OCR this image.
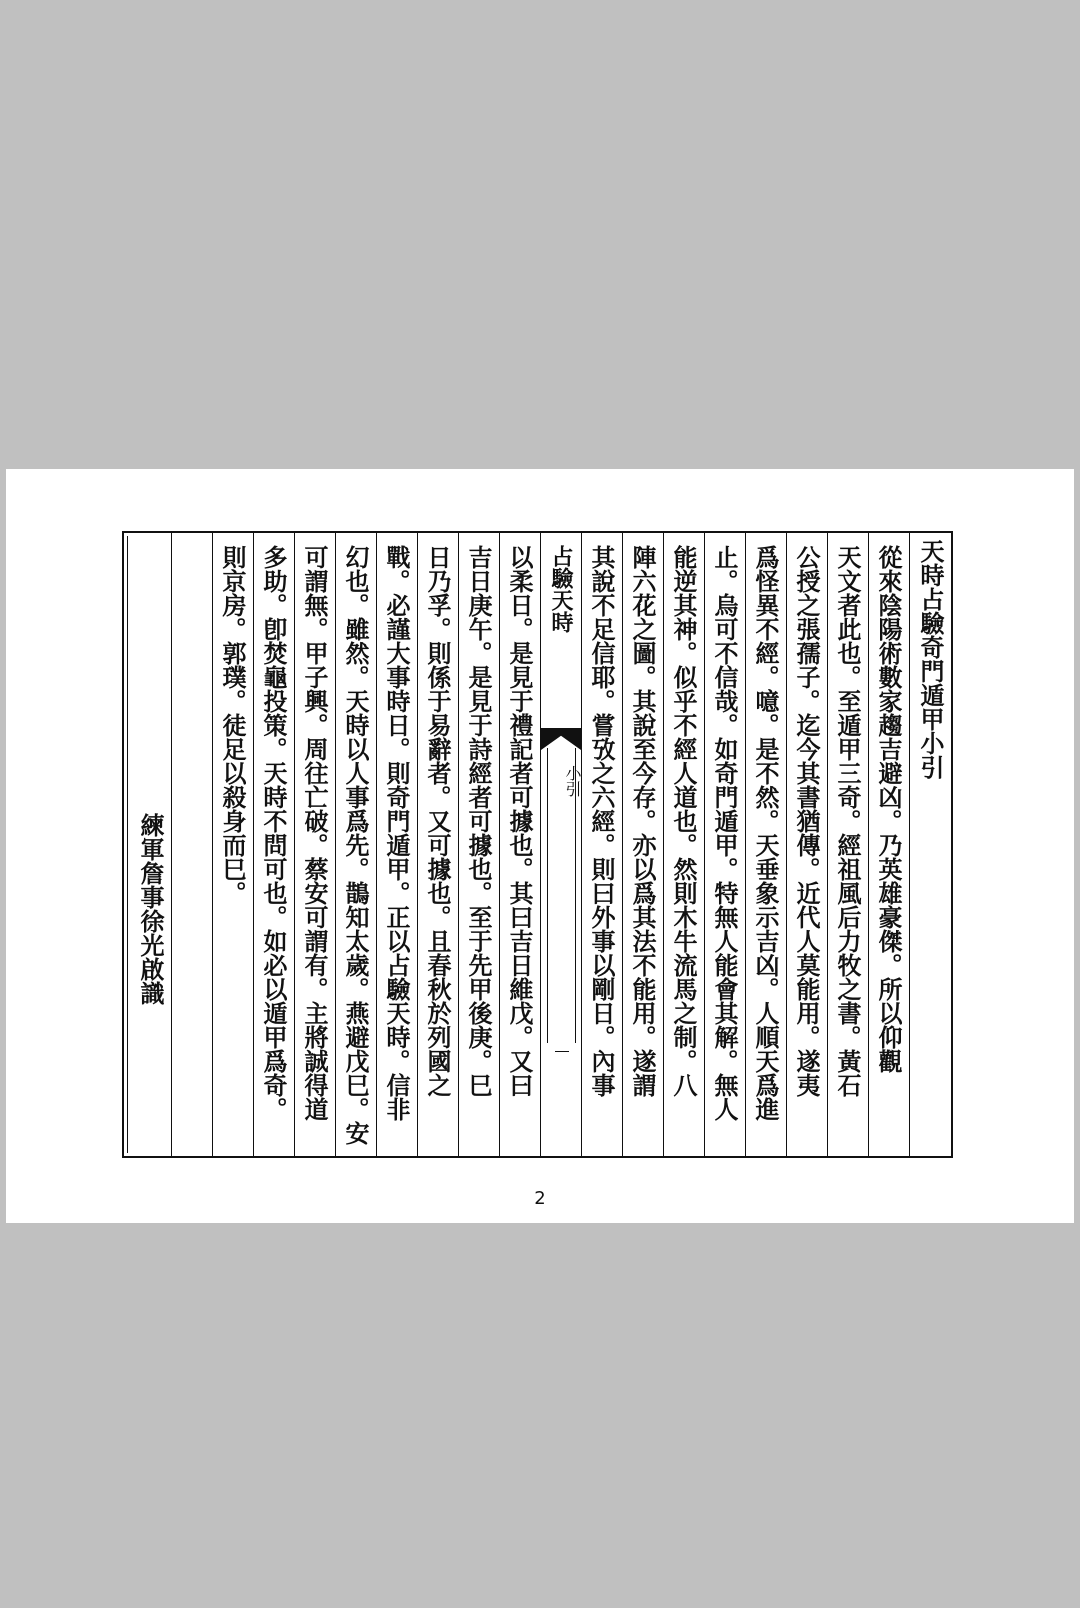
天時占驗奇門遁甲小引
從來陰陽術數家趨吉避凶。乃英雄豪傑。所以仰觀
天文者此也。至遁甲三奇。經祖風后力牧之書。黃石
公授之張孺子。迄今其書猶傳。近代人莫能用。遂夷
爲怪異不經。噫。是不然。天垂象示吉凶。人順天爲進
止。烏可不信哉。如奇門遁甲。特無人能會其解。無人
能逆其神。似乎不經人道也。然則木牛流馬之制。八
陣六花之圖。其說至今存。亦以爲其法不能用。遂謂
其說不足信耶。嘗攷之六經。則曰外事以剛日。內事
占驗天時
小引
以柔日。是見于禮記者可據也。其曰吉日維戊。又曰
吉日庚午。是見于詩經者可據也。至于先甲後庚。巳
日乃孚。則係于易辭者。又可據也。且春秋於列國之
戰。必謹大事時日。則奇門遁甲。正以占驗天時。信非
幻也。雖然。天時以人事爲先。鵲知太歲。燕避戊巳。安
可謂無。甲子興。周往亡破。蔡安可謂有。主將誠得道
多助。卽焚龜投策。天時不問可也。如必以遁甲爲奇。
則京房。郭璞。徒足以殺身而巳。
練軍詹事徐光啟識
2
